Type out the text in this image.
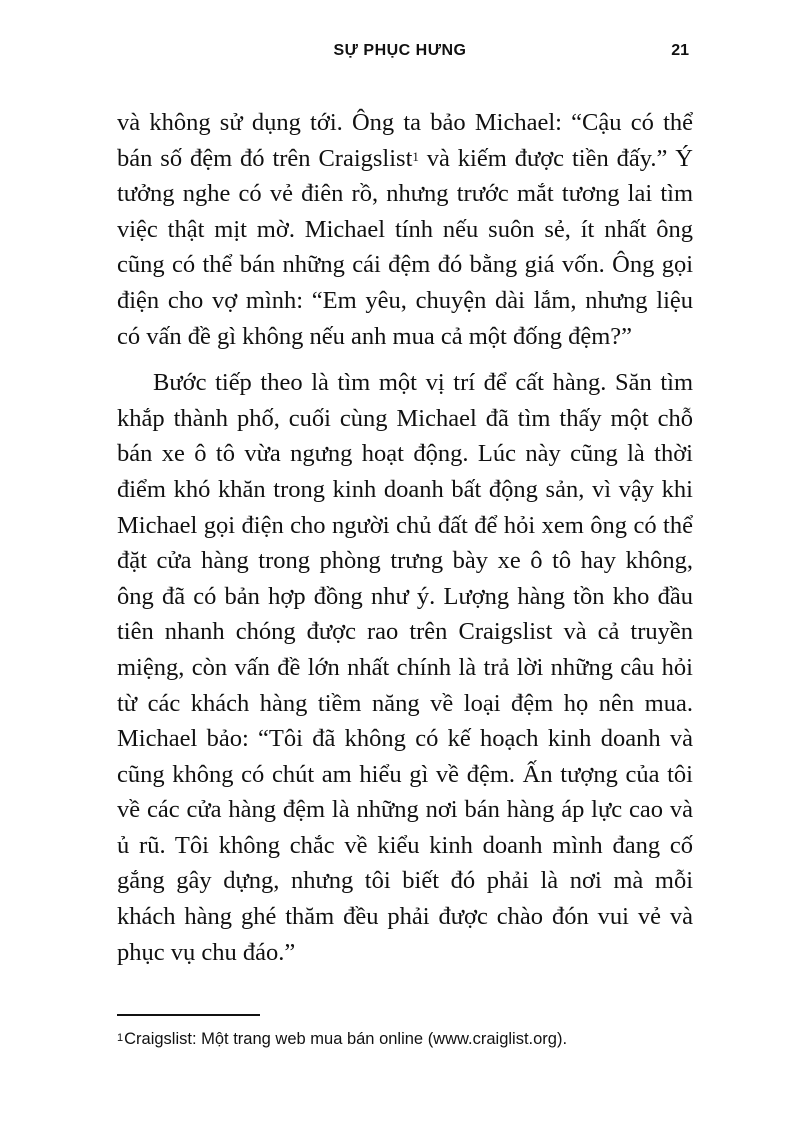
SỰ PHỤC HƯNG	21

và không sử dụng tới. Ông ta bảo Michael: “Cậu có thể bán số đệm đó trên Craigslist$^1$ và kiếm được tiền đấy.” Ý tưởng nghe có vẻ điên rồ, nhưng trước mắt tương lai tìm việc thật mịt mờ. Michael tính nếu suôn sẻ, ít nhất ông cũng có thể bán những cái đệm đó bằng giá vốn. Ông gọi điện cho vợ mình: “Em yêu, chuyện dài lắm, nhưng liệu có vấn đề gì không nếu anh mua cả một đống đệm?”

Bước tiếp theo là tìm một vị trí để cất hàng. Săn tìm khắp thành phố, cuối cùng Michael đã tìm thấy một chỗ bán xe ô tô vừa ngưng hoạt động. Lúc này cũng là thời điểm khó khăn trong kinh doanh bất động sản, vì vậy khi Michael gọi điện cho người chủ đất để hỏi xem ông có thể đặt cửa hàng trong phòng trưng bày xe ô tô hay không, ông đã có bản hợp đồng như ý. Lượng hàng tồn kho đầu tiên nhanh chóng được rao trên Craigslist và cả truyền miệng, còn vấn đề lớn nhất chính là trả lời những câu hỏi từ các khách hàng tiềm năng về loại đệm họ nên mua. Michael bảo: “Tôi đã không có kế hoạch kinh doanh và cũng không có chút am hiểu gì về đệm. Ấn tượng của tôi về các cửa hàng đệm là những nơi bán hàng áp lực cao và ủ rũ. Tôi không chắc về kiểu kinh doanh mình đang cố gắng gây dựng, nhưng tôi biết đó phải là nơi mà mỗi khách hàng ghé thăm đều phải được chào đón vui vẻ và phục vụ chu đáo.”

$^1$Craigslist: Một trang web mua bán online (www.craiglist.org).
